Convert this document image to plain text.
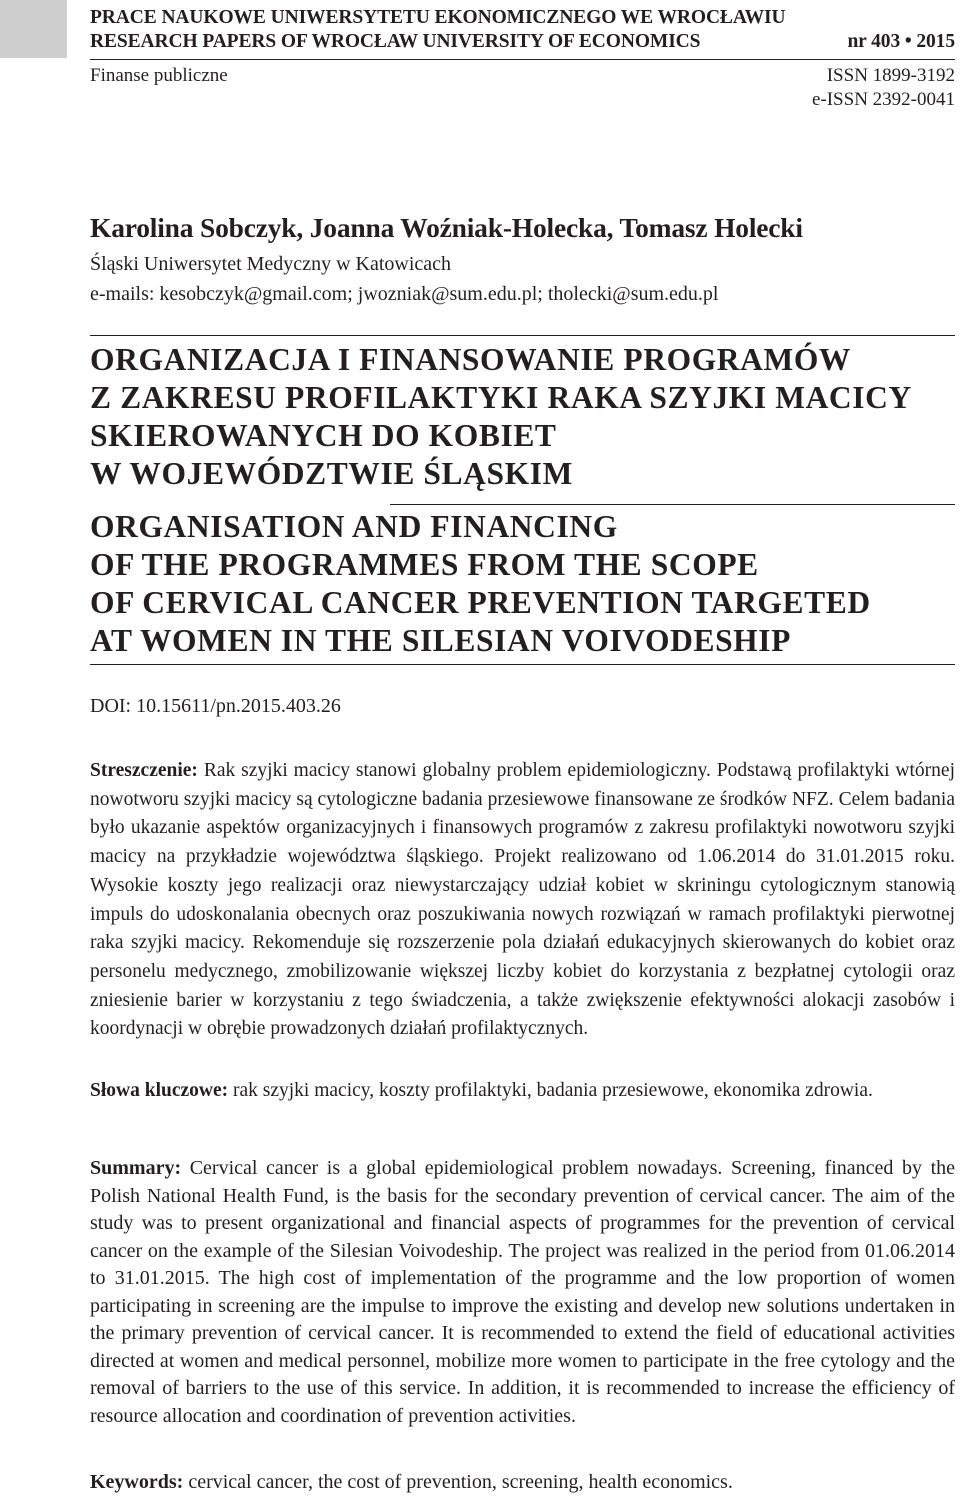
PRACE NAUKOWE UNIWERSYTETU EKONOMICZNEGO WE WROCŁAWIU
RESEARCH PAPERS OF WROCŁAW UNIVERSITY OF ECONOMICS	nr 403 • 2015
Finanse publiczne	ISSN 1899-3192
e-ISSN 2392-0041
Karolina Sobczyk, Joanna Woźniak-Holecka, Tomasz Holecki
Śląski Uniwersytet Medyczny w Katowicach
e-mails: kesobczyk@gmail.com; jwozniak@sum.edu.pl; tholecki@sum.edu.pl
ORGANIZACJA I FINANSOWANIE PROGRAMÓW
Z ZAKRESU PROFILAKTYKI RAKA SZYJKI MACICY
SKIEROWANYCH DO KOBIET
W WOJEWÓDZTWIE ŚLĄSKIM
ORGANISATION AND FINANCING
OF THE PROGRAMMES FROM THE SCOPE
OF CERVICAL CANCER PREVENTION TARGETED
AT WOMEN IN THE SILESIAN VOIVODESHIP
DOI: 10.15611/pn.2015.403.26
Streszczenie: Rak szyjki macicy stanowi globalny problem epidemiologiczny. Podstawą profilaktyki wtórnej nowotworu szyjki macicy są cytologiczne badania przesiewowe finansowane ze środków NFZ. Celem badania było ukazanie aspektów organizacyjnych i finansowych programów z zakresu profilaktyki nowotworu szyjki macicy na przykładzie województwa śląskiego. Projekt realizowano od 1.06.2014 do 31.01.2015 roku. Wysokie koszty jego realizacji oraz niewystarczający udział kobiet w skriningu cytologicznym stanowią impuls do udoskonalania obecnych oraz poszukiwania nowych rozwiązań w ramach profilaktyki pierwotnej raka szyjki macicy. Rekomenduje się rozszerzenie pola działań edukacyjnych skierowanych do kobiet oraz personelu medycznego, zmobilizowanie większej liczby kobiet do korzystania z bezpłatnej cytologii oraz zniesienie barier w korzystaniu z tego świadczenia, a także zwiększenie efektywności alokacji zasobów i koordynacji w obrębie prowadzonych działań profilaktycznych.
Słowa kluczowe: rak szyjki macicy, koszty profilaktyki, badania przesiewowe, ekonomika zdrowia.
Summary: Cervical cancer is a global epidemiological problem nowadays. Screening, financed by the Polish National Health Fund, is the basis for the secondary prevention of cervical cancer. The aim of the study was to present organizational and financial aspects of programmes for the prevention of cervical cancer on the example of the Silesian Voivodeship. The project was realized in the period from 01.06.2014 to 31.01.2015. The high cost of implementation of the programme and the low proportion of women participating in screening are the impulse to improve the existing and develop new solutions undertaken in the primary prevention of cervical cancer. It is recommended to extend the field of educational activities directed at women and medical personnel, mobilize more women to participate in the free cytology and the removal of barriers to the use of this service. In addition, it is recommended to increase the efficiency of resource allocation and coordination of prevention activities.
Keywords: cervical cancer, the cost of prevention, screening, health economics.
